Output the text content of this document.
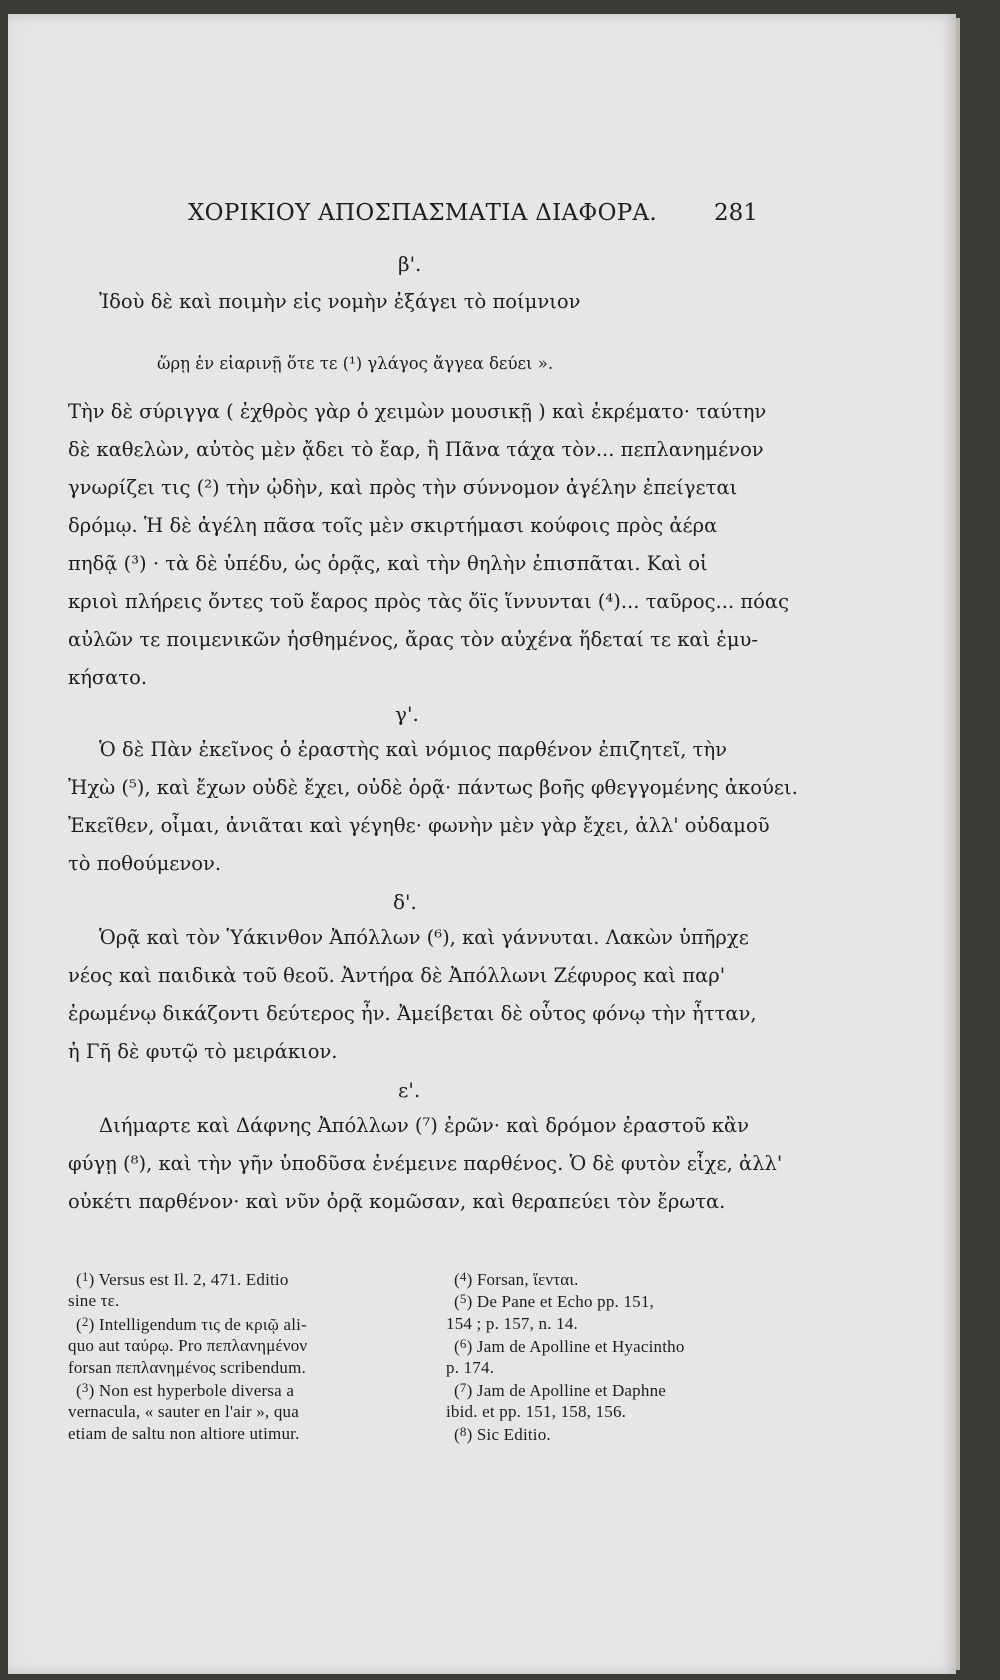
ΧΟΡΙΚΙΟΥ ΑΠΟΣΠΑΣΜΑΤΙΑ ΔΙΑΦΟΡΑ.	281
β'.
Ἰδοὺ δὲ καὶ ποιμὴν εἰς νομὴν ἐξάγει τὸ ποίμνιον
ὥρῃ ἐν εἰαρινῇ ὅτε τε (¹) γλάγος ἄγγεα δεύει ».
Τὴν δὲ σύριγγα ( ἐχθρὸς γὰρ ὁ χειμὼν μουσικῇ ) καὶ ἐκρέματο· ταύτην
δὲ καθελὼν, αὐτὸς μὲν ᾄδει τὸ ἔαρ, ἢ Πᾶνα τάχα τὸν... πεπλανημένον
γνωρίζει τις (²) τὴν ᾠδὴν, καὶ πρὸς τὴν σύννομον ἀγέλην ἐπείγεται
δρόμῳ. Ἡ δὲ ἀγέλη πᾶσα τοῖς μὲν σκιρτήμασι κούφοις πρὸς ἀέρα
πηδᾷ (³) · τὰ δὲ ὑπέδυ, ὡς ὁρᾷς, καὶ τὴν θηλὴν ἐπισπᾶται. Καὶ οἱ
κριοὶ πλήρεις ὄντες τοῦ ἔαρος πρὸς τὰς ὄϊς ἵννυνται (⁴)... ταῦρος... πόας
αὐλῶν τε ποιμενικῶν ἡσθημένος, ἄρας τὸν αὐχένα ἥδεταί τε καὶ ἐμυ-
κήσατο.
γ'.
Ὁ δὲ Πὰν ἐκεῖνος ὁ ἐραστὴς καὶ νόμιος παρθένον ἐπιζητεῖ, τὴν
Ἠχὼ (⁵), καὶ ἔχων οὐδὲ ἔχει, οὐδὲ ὁρᾷ· πάντως βοῆς φθεγγομένης ἀκούει.
Ἐκεῖθεν, οἶμαι, ἀνιᾶται καὶ γέγηθε· φωνὴν μὲν γὰρ ἔχει, ἀλλ' οὐδαμοῦ
τὸ ποθούμενον.
δ'.
Ὁρᾷ καὶ τὸν Ὑάκινθον Ἀπόλλων (⁶), καὶ γάννυται. Λακὼν ὑπῆρχε
νέος καὶ παιδικὰ τοῦ θεοῦ. Ἀντήρα δὲ Ἀπόλλωνι Ζέφυρος καὶ παρ'
ἐρωμένῳ δικάζοντι δεύτερος ἦν. Ἀμείβεται δὲ οὗτος φόνῳ τὴν ἧτταν,
ἡ Γῆ δὲ φυτῷ τὸ μειράκιον.
ε'.
Διήμαρτε καὶ Δάφνης Ἀπόλλων (⁷) ἐρῶν· καὶ δρόμον ἐραστοῦ κἂν
φύγῃ (⁸), καὶ τὴν γῆν ὑποδῦσα ἐνέμεινε παρθένος. Ὁ δὲ φυτὸν εἶχε, ἀλλ'
οὐκέτι παρθένον· καὶ νῦν ὁρᾷ κομῶσαν, καὶ θεραπεύει τὸν ἔρωτα.
($^1$) Versus est Il. 2, 471. Editio
sine τε.
($^2$) Intelligendum τις de κριῷ ali-
quo aut ταύρῳ. Pro πεπλανημένον
forsan πεπλανημένος scribendum.
($^3$) Non est hyperbole diversa a
vernacula, « sauter en l'air », qua
etiam de saltu non altiore utimur.
($^4$) Forsan, ἵενται.
($^5$) De Pane et Echo pp. 151,
154 ; p. 157, n. 14.
($^6$) Jam de Apolline et Hyacintho
p. 174.
($^7$) Jam de Apolline et Daphne
ibid. et pp. 151, 158, 156.
($^8$) Sic Editio.
